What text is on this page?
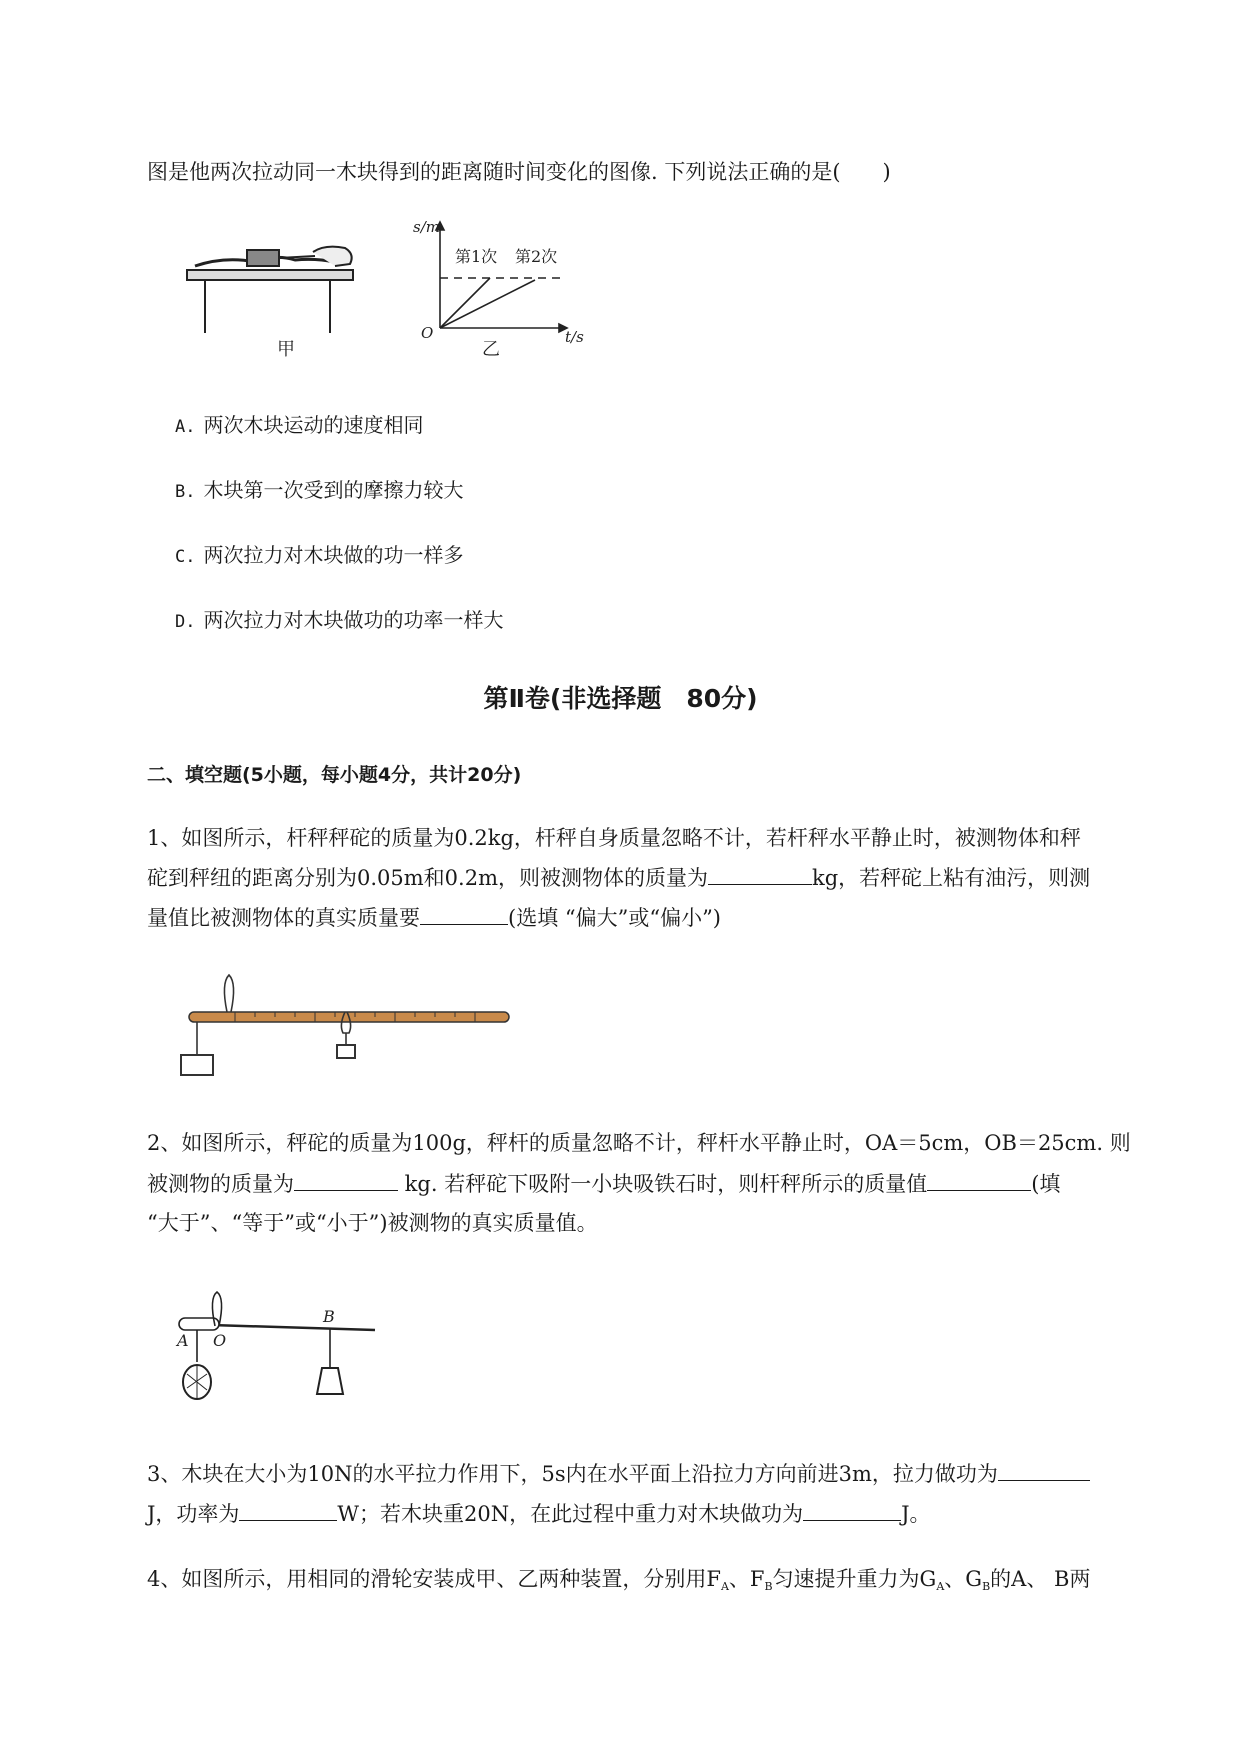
图是他两次拉动同一木块得到的距离随时间变化的图像. 下列说法正确的是(　　)
甲
s/m
t/s
O
第1次 第2次
乙
A. 两次木块运动的速度相同
B. 木块第一次受到的摩擦力较大
C. 两次拉力对木块做的功一样多
D. 两次拉力对木块做功的功率一样大
第Ⅱ卷(非选择题　80分)
二、填空题(5小题，每小题4分，共计20分)
1、如图所示，杆秤秤砣的质量为0.2kg，杆秤自身质量忽略不计，若杆秤水平静止时，被测物体和秤
砣到秤纽的距离分别为0.05m和0.2m，则被测物体的质量为	kg，若秤砣上粘有油污，则测
量值比被测物体的真实质量要	(选填 “偏大”或“偏小”)
2、如图所示，秤砣的质量为100g，秤杆的质量忽略不计，秤杆水平静止时，OA＝5cm，OB＝25cm. 则
被测物的质量为	kg. 若秤砣下吸附一小块吸铁石时，则杆秤所示的质量值	(填
“大于”、“等于”或“小于”)被测物的真实质量值。
A O
B
3、木块在大小为10N的水平拉力作用下，5s内在水平面上沿拉力方向前进3m，拉力做功为
J，功率为	W；若木块重20N，在此过程中重力对木块做功为	J。
4、如图所示，用相同的滑轮安装成甲、乙两种装置，分别用$F_A$、$F_B$匀速提升重力为$G_A$、$G_B$的A、 B两
